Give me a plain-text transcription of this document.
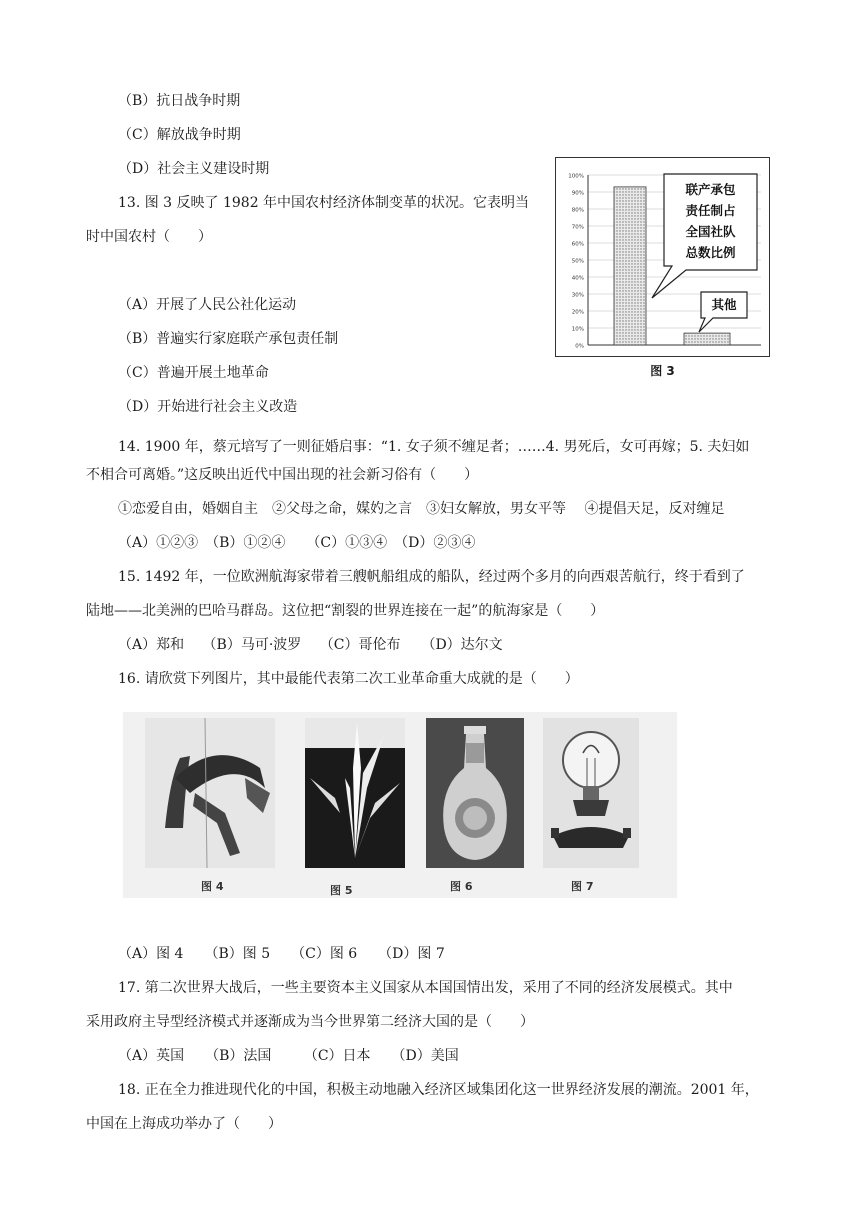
（B）抗日战争时期
（C）解放战争时期
（D）社会主义建设时期
13. 图 3 反映了 1982 年中国农村经济体制变革的状况。它表明当
时中国农村（　　）
（A）开展了人民公社化运动
（B）普遍实行家庭联产承包责任制
（C）普遍开展土地革命
（D）开始进行社会主义改造
0%
10%
20%
30%
40%
50%
60%
70%
80%
90%
100%
联产承包
责任制占
全国社队
总数比例
其他
图 3
14. 1900 年，蔡元培写了一则征婚启事：“1. 女子须不缠足者；……4. 男死后，女可再嫁；5. 夫妇如
不相合可离婚。”这反映出近代中国出现的社会新习俗有（　　）
①恋爱自由，婚姻自主　②父母之命，媒妁之言　③妇女解放，男女平等　 ④提倡天足，反对缠足
（A）①②③　（B）①②④　　（C）①③④　（D）②③④
15. 1492 年，一位欧洲航海家带着三艘帆船组成的船队，经过两个多月的向西艰苦航行，终于看到了
陆地——北美洲的巴哈马群岛。这位把“割裂的世界连接在一起”的航海家是（　　）
（A）郑和　 （B）马可·波罗　 （C）哥伦布　　（D）达尔文
16. 请欣赏下列图片，其中最能代表第二次工业革命重大成就的是（　　）
图 4	图 5	图 6	图 7
（A）图 4　　（B）图 5　　（C）图 6　　（D）图 7
17. 第二次世界大战后，一些主要资本主义国家从本国国情出发，采用了不同的经济发展模式。其中
采用政府主导型经济模式并逐渐成为当今世界第二经济大国的是（　　）
（A）英国　　（B）法国　　 （C）日本　　（D）美国
18. 正在全力推进现代化的中国，积极主动地融入经济区域集团化这一世界经济发展的潮流。2001 年，
中国在上海成功举办了（　　）
